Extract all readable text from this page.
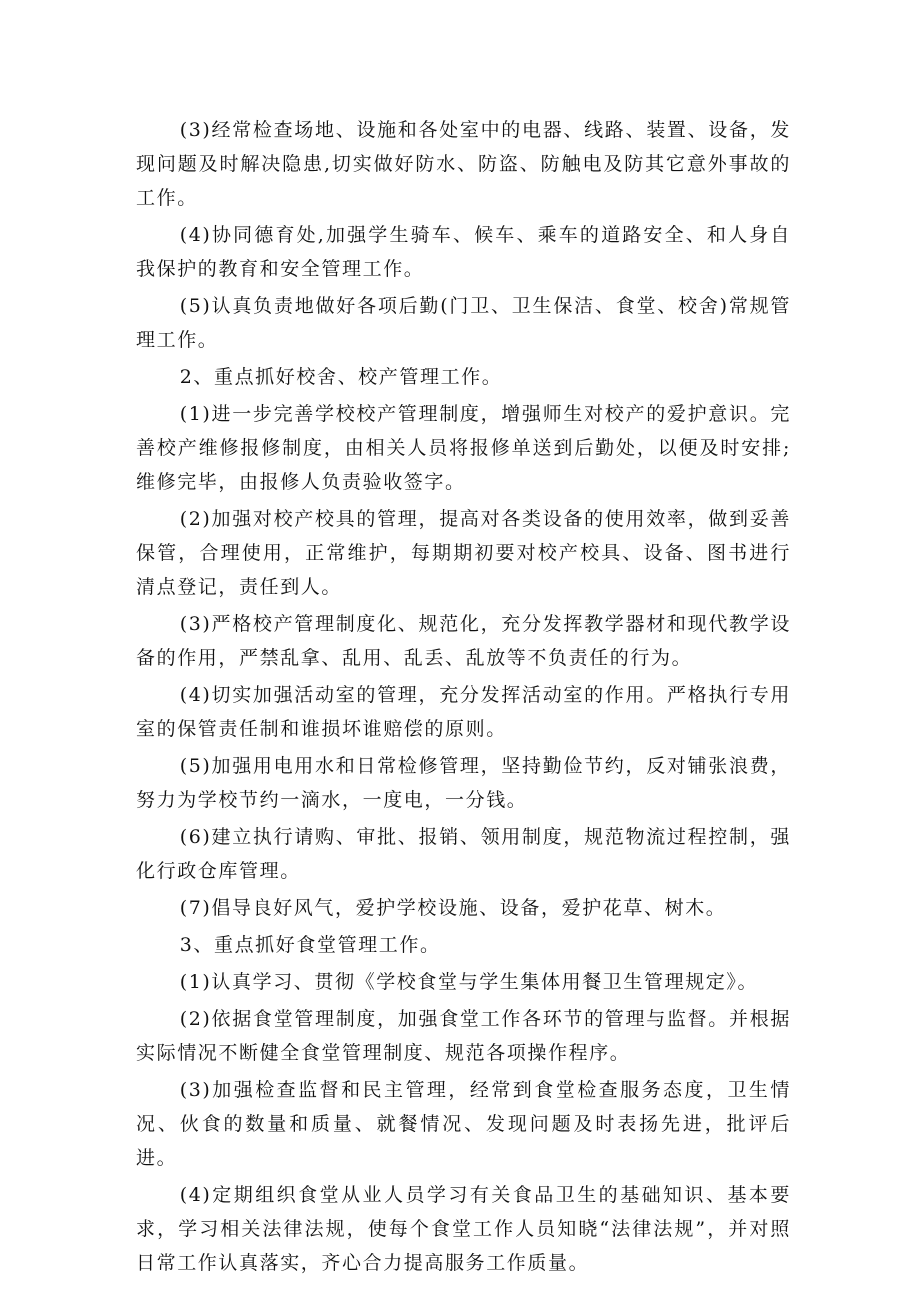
(3)经常检查场地、设施和各处室中的电器、线路、装置、设备，发现问题及时解决隐患,切实做好防水、防盗、防触电及防其它意外事故的工作。

(4)协同德育处,加强学生骑车、候车、乘车的道路安全、和人身自我保护的教育和安全管理工作。

(5)认真负责地做好各项后勤(门卫、卫生保洁、食堂、校舍)常规管理工作。

2、重点抓好校舍、校产管理工作。

(1)进一步完善学校校产管理制度，增强师生对校产的爱护意识。完善校产维修报修制度，由相关人员将报修单送到后勤处，以便及时安排;维修完毕，由报修人负责验收签字。

(2)加强对校产校具的管理，提高对各类设备的使用效率，做到妥善保管，合理使用，正常维护，每期期初要对校产校具、设备、图书进行清点登记，责任到人。

(3)严格校产管理制度化、规范化，充分发挥教学器材和现代教学设备的作用，严禁乱拿、乱用、乱丢、乱放等不负责任的行为。

(4)切实加强活动室的管理，充分发挥活动室的作用。严格执行专用室的保管责任制和谁损坏谁赔偿的原则。

(5)加强用电用水和日常检修管理，坚持勤俭节约，反对铺张浪费，努力为学校节约一滴水，一度电，一分钱。

(6)建立执行请购、审批、报销、领用制度，规范物流过程控制，强化行政仓库管理。

(7)倡导良好风气，爱护学校设施、设备，爱护花草、树木。

3、重点抓好食堂管理工作。

(1)认真学习、贯彻《学校食堂与学生集体用餐卫生管理规定》。

(2)依据食堂管理制度，加强食堂工作各环节的管理与监督。并根据实际情况不断健全食堂管理制度、规范各项操作程序。

(3)加强检查监督和民主管理，经常到食堂检查服务态度，卫生情况、伙食的数量和质量、就餐情况、发现问题及时表扬先进，批评后进。

(4)定期组织食堂从业人员学习有关食品卫生的基础知识、基本要求，学习相关法律法规，使每个食堂工作人员知晓“法律法规”，并对照日常工作认真落实，齐心合力提高服务工作质量。
